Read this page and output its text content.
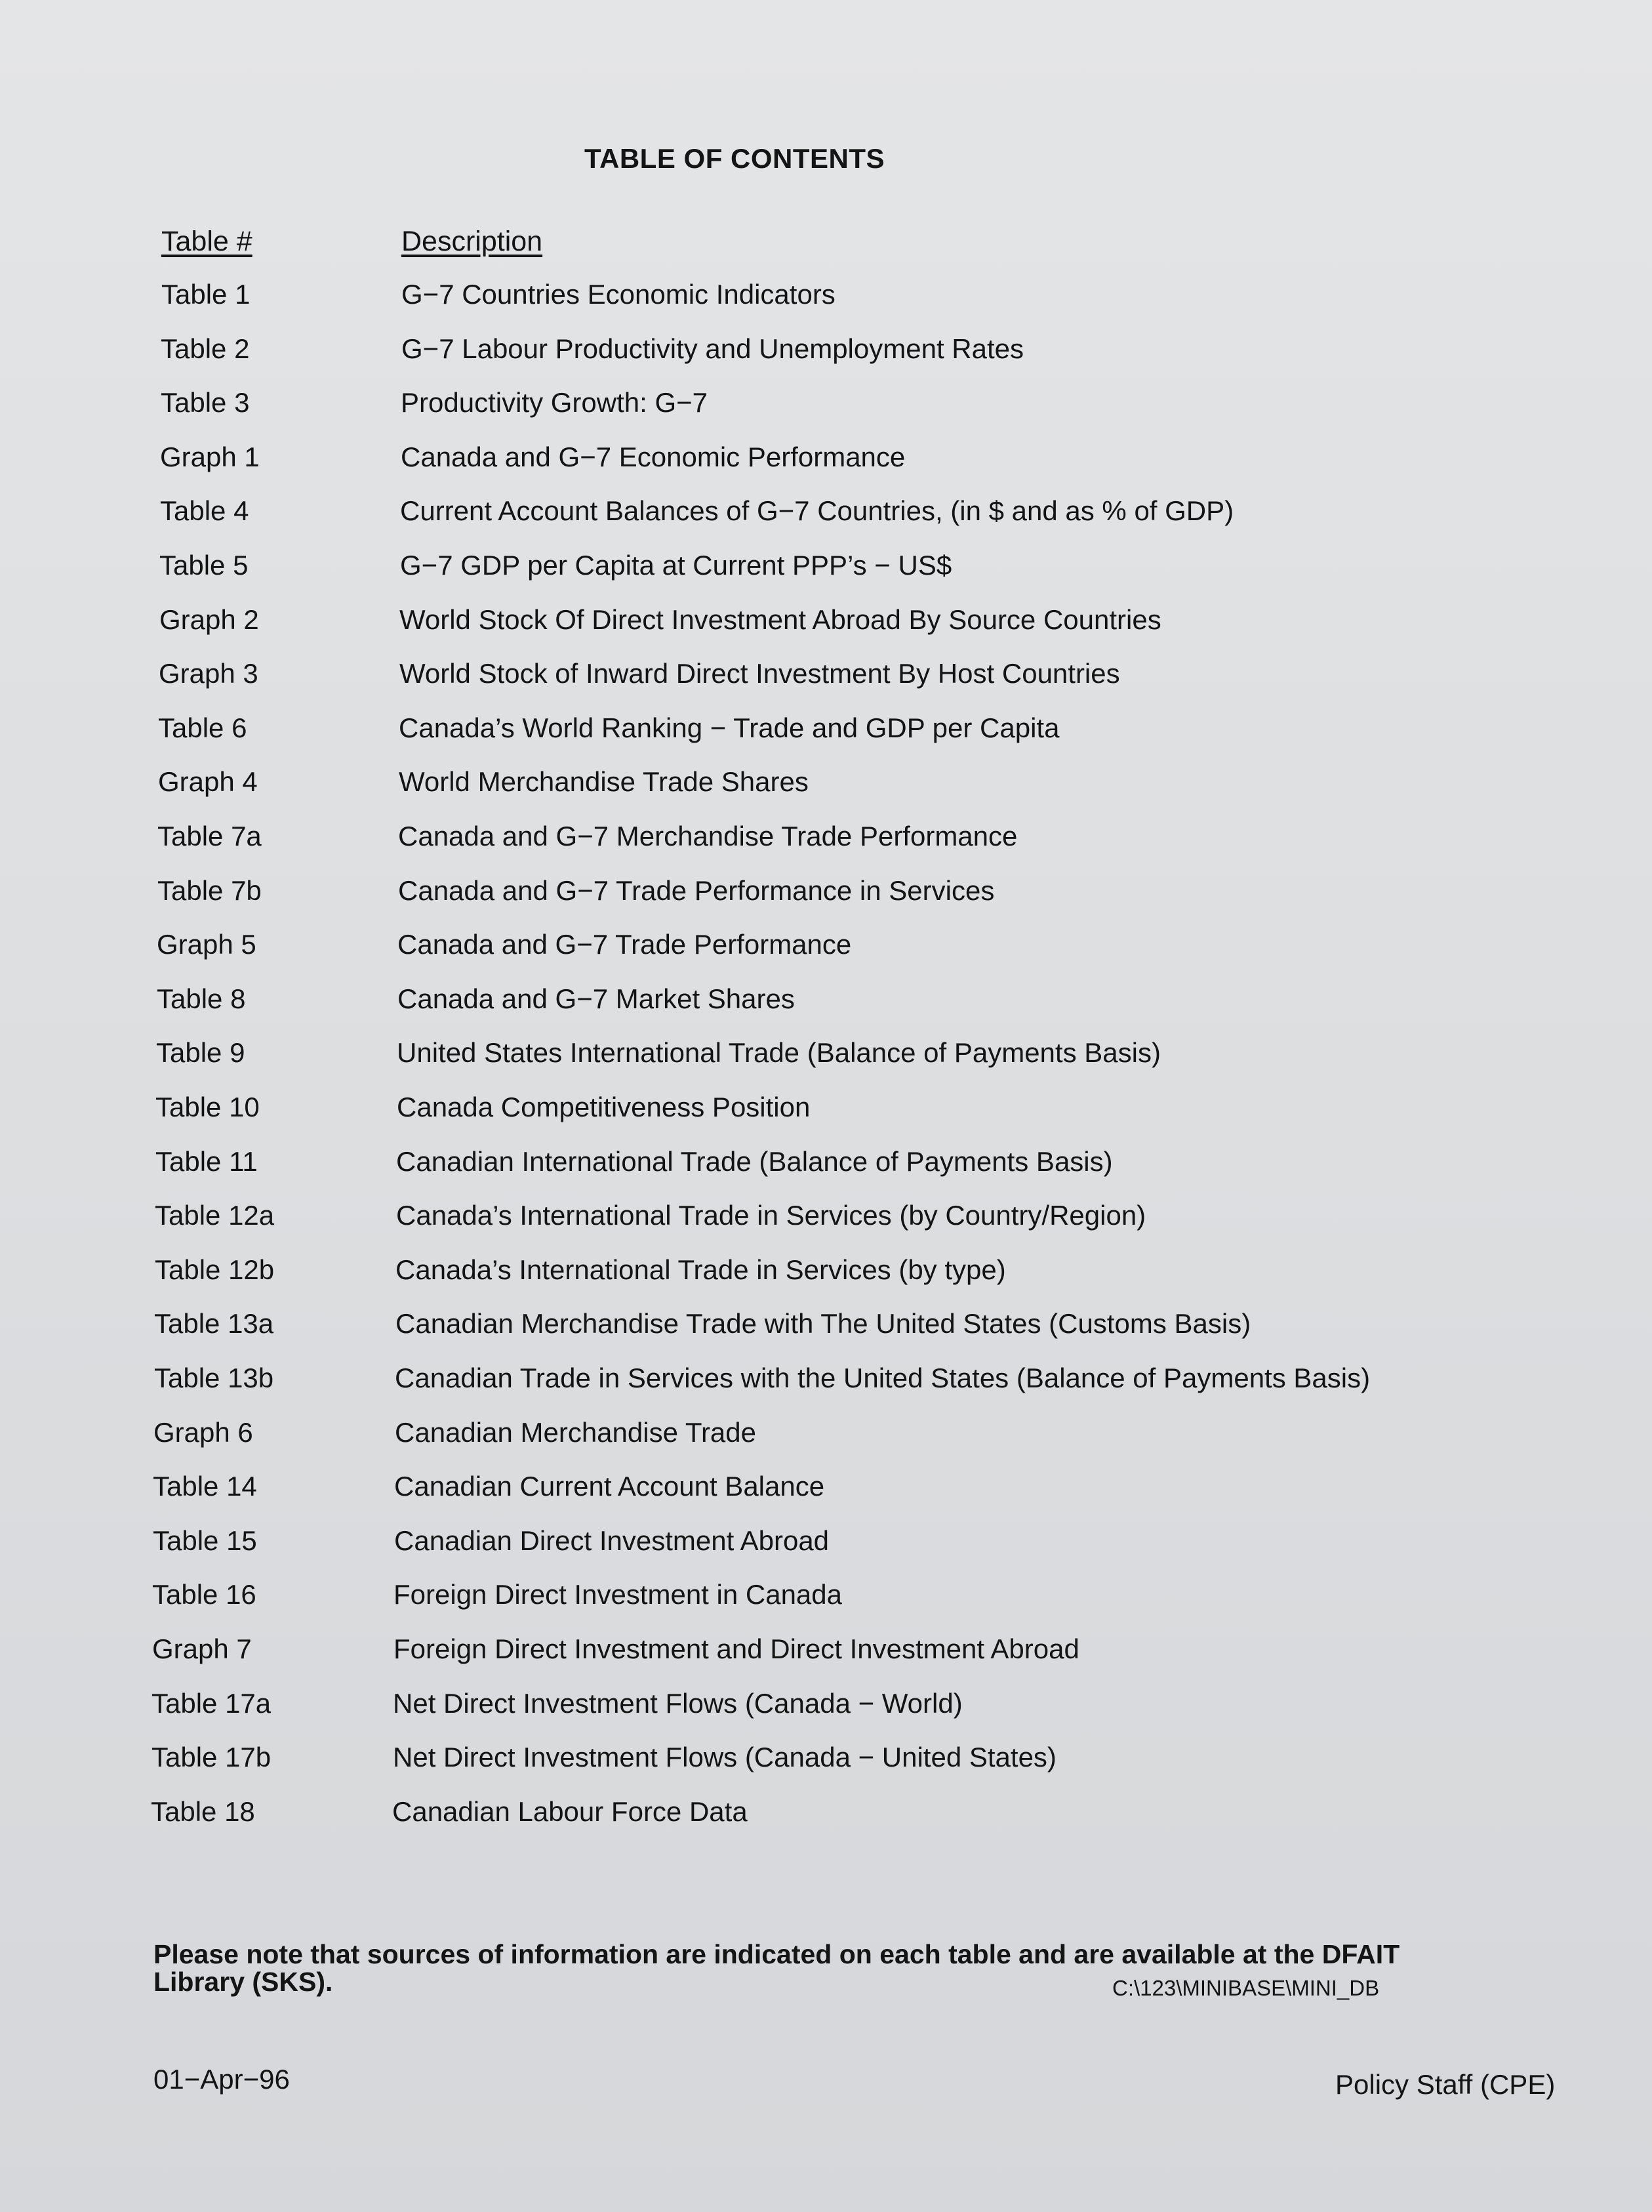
TABLE OF CONTENTS
Table #	Description
Table 1	G−7 Countries Economic Indicators
Table 2	G−7 Labour Productivity and Unemployment Rates
Table 3	Productivity Growth: G−7
Graph 1	Canada and G−7 Economic Performance
Table 4	Current Account Balances of G−7 Countries, (in $ and as % of GDP)
Table 5	G−7 GDP per Capita at Current PPP’s − US$
Graph 2	World Stock Of Direct Investment Abroad By Source Countries
Graph 3	World Stock of Inward Direct Investment By Host Countries
Table 6	Canada’s World Ranking − Trade and GDP per Capita
Graph 4	World Merchandise Trade Shares
Table 7a	Canada and G−7 Merchandise Trade Performance
Table 7b	Canada and G−7 Trade Performance in Services
Graph 5	Canada and G−7 Trade Performance
Table 8	Canada and G−7 Market Shares
Table 9	United States International Trade (Balance of Payments Basis)
Table 10	Canada Competitiveness Position
Table 11	Canadian International Trade (Balance of Payments Basis)
Table 12a	Canada’s International Trade in Services (by Country/Region)
Table 12b	Canada’s International Trade in Services (by type)
Table 13a	Canadian Merchandise Trade with The United States (Customs Basis)
Table 13b	Canadian Trade in Services with the United States (Balance of Payments Basis)
Graph 6	Canadian Merchandise Trade
Table 14	Canadian Current Account Balance
Table 15	Canadian Direct Investment Abroad
Table 16	Foreign Direct Investment in Canada
Graph 7	Foreign Direct Investment and Direct Investment Abroad
Table 17a	Net Direct Investment Flows (Canada − World)
Table 17b	Net Direct Investment Flows (Canada − United States)
Table 18	Canadian Labour Force Data
Please note that sources of information are indicated on each table and are available at the DFAIT Library (SKS).	C:\123\MINIBASE\MINI_DB
01−Apr−96	Policy Staff (CPE)
